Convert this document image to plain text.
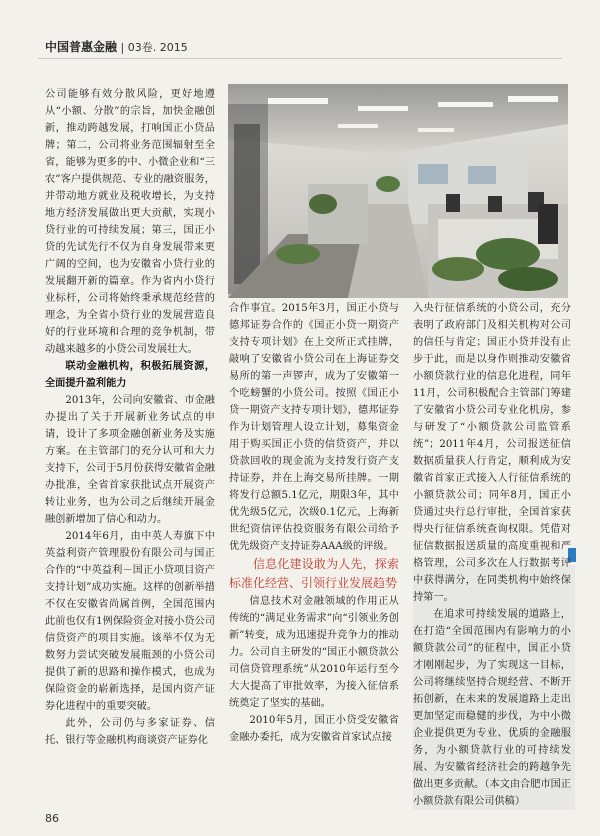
中国普惠金融 | 03卷. 2015

公司能够有效分散风险，更好地遵从“小额、分散”的宗旨，加快金融创新，推动跨越发展，打响国正小贷品牌；第二，公司将业务范围辐射至全省，能够为更多的中、小微企业和“三农”客户提供规范、专业的融资服务，并带动地方就业及税收增长，为支持地方经济发展做出更大贡献，实现小贷行业的可持续发展；第三，国正小贷的先试先行不仅为自身发展带来更广阔的空间，也为安徽省小贷行业的发展翻开新的篇章。作为省内小贷行业标杆，公司将始终秉承规范经营的理念，为全省小贷行业的发展营造良好的行业环境和合理的竞争机制，带动越来越多的小贷公司发展壮大。

联动金融机构，积极拓展资源，全面提升盈利能力

2013年，公司向安徽省、市金融办提出了关于开展新业务试点的申请，设计了多项金融创新业务及实施方案。在主管部门的充分认可和大力支持下，公司于5月份获得安徽省金融办批准，全省首家获批试点开展资产转让业务，也为公司之后继续开展金融创新增加了信心和动力。

2014年6月，由中英人寿旗下中英益利资产管理股份有限公司与国正合作的“中英益利－国正小贷项目资产支持计划”成功实施。这样的创新举措不仅在安徽省尚属首例，全国范围内此前也仅有1例保险资金对接小贷公司信贷资产的项目实施。该举不仅为无数努力尝试突破发展瓶颈的小贷公司提供了新的思路和操作模式，也成为保险资金的崭新选择，是国内资产证券化进程中的重要突破。

此外，公司仍与多家证券、信托、银行等金融机构商谈资产证券化

合作事宜。2015年3月，国正小贷与德邦证券合作的《国正小贷一期资产支持专项计划》在上交所正式挂牌，敲响了安徽省小贷公司在上海证券交易所的第一声锣声，成为了安徽第一个吃螃蟹的小贷公司。按照《国正小贷一期资产支持专项计划》，德邦证券作为计划管理人设立计划，募集资金用于购买国正小贷的信贷资产，并以贷款回收的现金流为支持发行资产支持证券，并在上海交易所挂牌。一期将发行总额5.1亿元，期限3年，其中优先级5亿元，次级0.1亿元，上海新世纪资信评估投资服务有限公司给予优先级资产支持证券AAA级的评级。

信息化建设敢为人先，探索标准化经营、引领行业发展趋势

信息技术对金融领域的作用正从传统的“满足业务需求”向“引领业务创新”转变，成为迅速提升竞争力的推动力。公司自主研发的“国正小额贷款公司信贷管理系统”从2010年运行至今大大提高了审批效率，为接入征信系统奠定了坚实的基础。

2010年5月，国正小贷受安徽省金融办委托，成为安徽省首家试点接

入央行征信系统的小贷公司，充分表明了政府部门及相关机构对公司的信任与肯定；国正小贷并没有止步于此，而是以身作则推动安徽省小额贷款行业的信息化进程，同年11月，公司积极配合主管部门筹建了安徽省小贷公司专业化机房，参与研发了“小额贷款公司监管系统”；2011年4月，公司报送征信数据质量获人行肯定，顺利成为安徽省首家正式接入人行征信系统的小额贷款公司；同年8月，国正小贷通过央行总行审批，全国首家获得央行征信系统查询权限。凭借对征信数据报送质量的高度重视和严格管理，公司多次在人行数据考评中获得满分，在同类机构中始终保持第一。

在追求可持续发展的道路上，在打造“全国范围内有影响力的小额贷款公司”的征程中，国正小贷才刚刚起步，为了实现这一目标，公司将继续坚持合规经营、不断开拓创新，在未来的发展道路上走出更加坚定而稳健的步伐，为中小微企业提供更为专业、优质的金融服务，为小额贷款行业的可持续发展、为安徽省经济社会的跨越争先做出更多贡献。（本文由合肥市国正小额贷款有限公司供稿）

86
